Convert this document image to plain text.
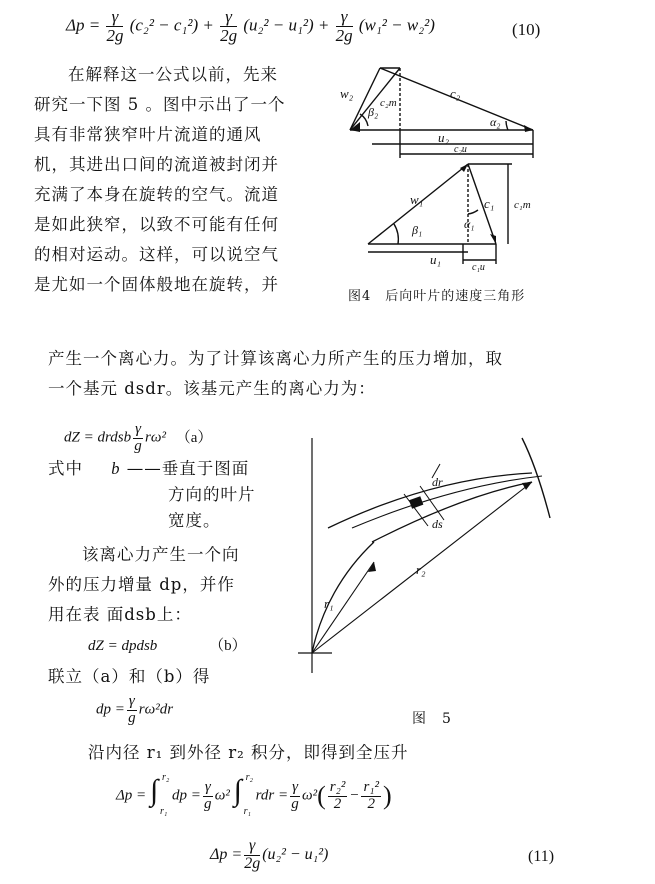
$\Delta p = \frac{\gamma}{2g} (c_2^2 - c_1^2) + \frac{\gamma}{2g} (u_2^2 - u_1^2) + \frac{\gamma}{2g} (w_1^2 - w_2^2)$	(10)
在解释这一公式以前，先来
研究一下图 5 。图中示出了一个
具有非常狭窄叶片流道的通风
机，其进出口间的流道被封闭并
充满了本身在旋转的空气。流道
是如此狭窄，以致不可能有任何
的相对运动。这样，可以说空气
是尤如一个固体般地在旋转，并
w₂
β₂
c₂m
c₂
α₂
u₂
c₂u
w₁
β₁
c₁
α₁
c₁m
u₁
c₁u
图4　后向叶片的速度三角形
产生一个离心力。为了计算该离心力所产生的压力增加，取
一个基元 dsdr。该基元产生的离心力为：
dZ = drdsb $\frac{\gamma}{g} r\omega^2$ （a）
式中 b ——垂直于图面
方向的叶片
宽度。
该离心力产生一个向
外的压力增量 dp，并作
用在表 面dsb上：
dZ = dpdsb	（b）
联立（a）和（b）得
dp = $\frac{\gamma}{g} r\omega^2dr$
dr
ds
r₁
r₂
图　5
沿内径 r₁ 到外径 r₂ 积分，即得到全压升
Δp = ∫ r₂
r₁
dp = $\frac{\gamma}{g} \omega^2$ ∫ r₂
r₁
rdr = $\frac{\gamma}{g} \omega^2( \frac{\text{r₂²}}{2} - \frac{\text{r₁²}}{2}$ )
$\Delta p = \frac{\gamma}{2g} (u_2^2 - u_1^2)$	(11)
